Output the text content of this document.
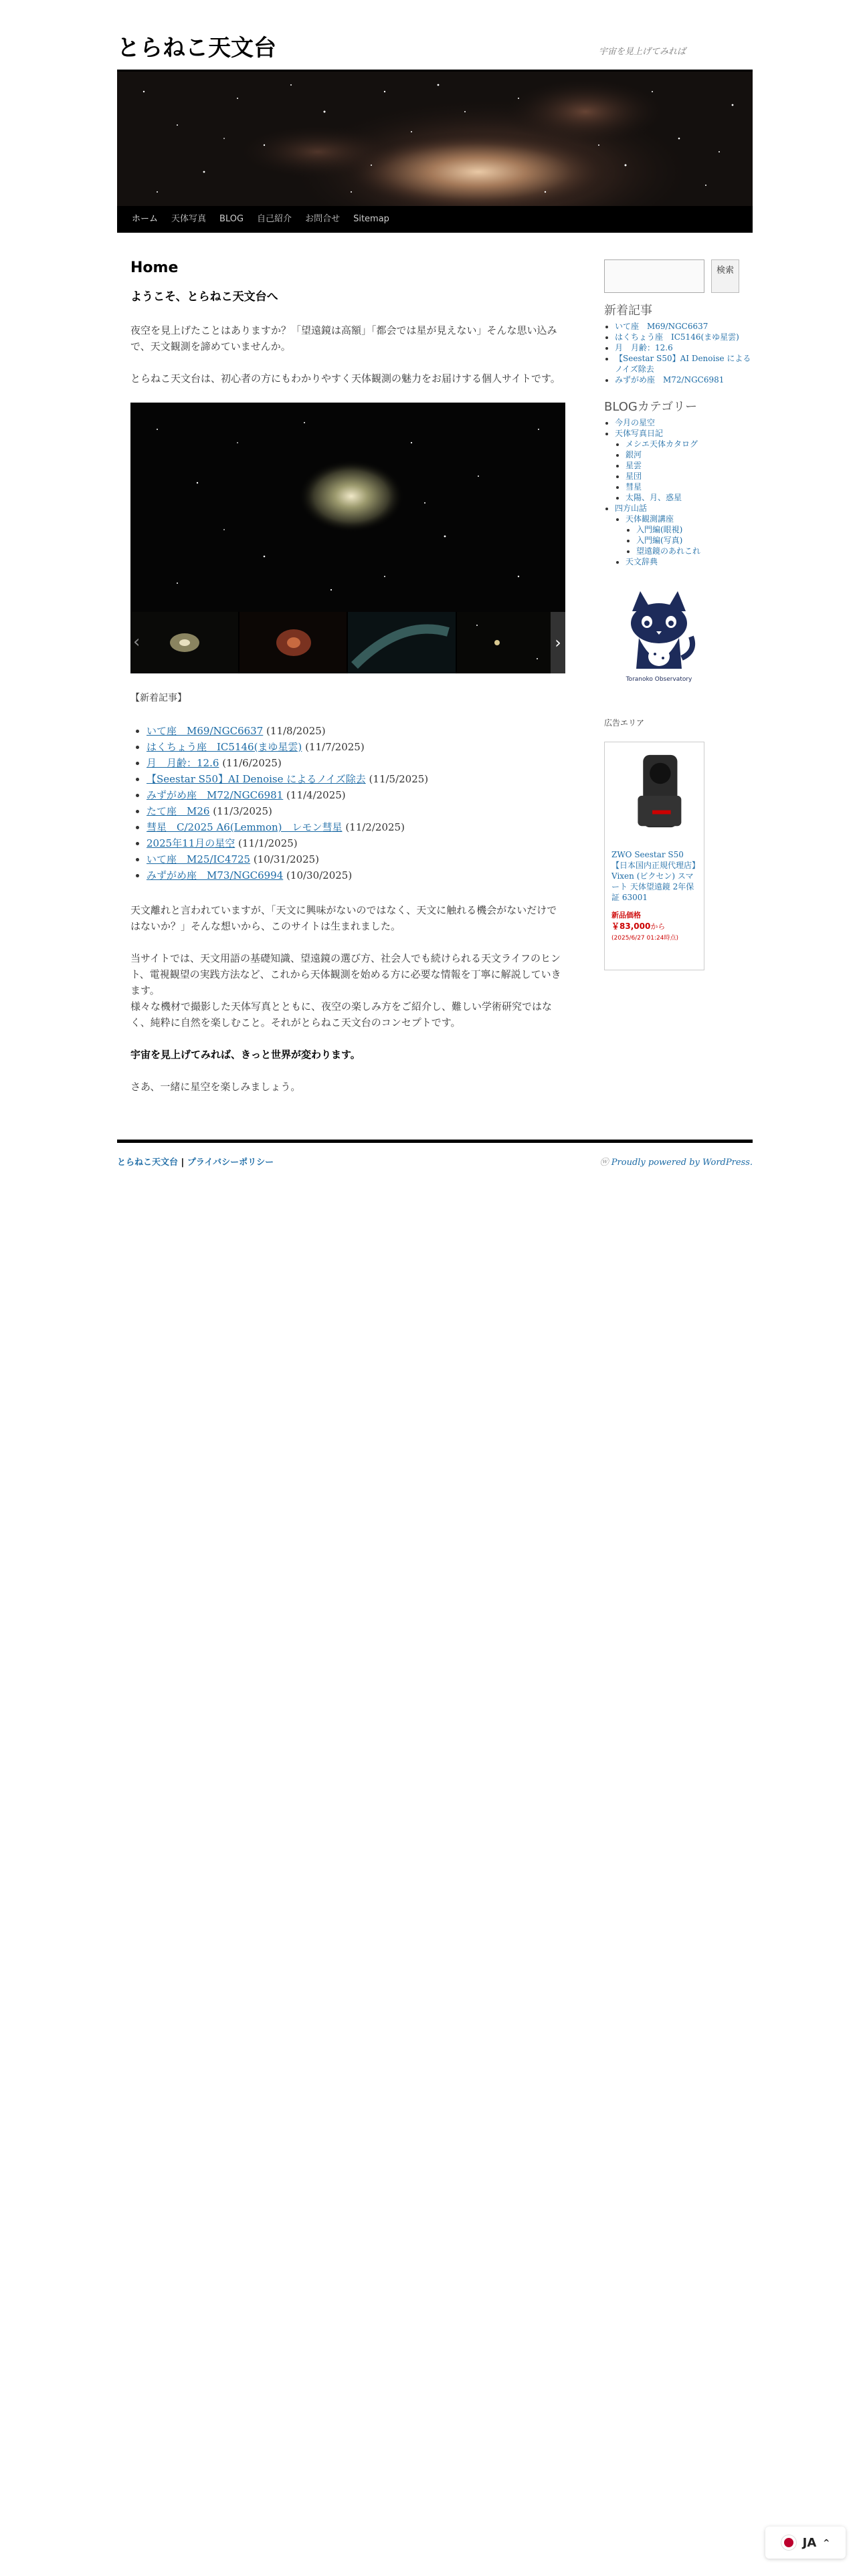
とらねこ天文台	宇宙を見上げてみれば
ホーム	天体写真	BLOG	自己紹介	お問合せ	Sitemap
Home
ようこそ、とらねこ天文台へ

夜空を見上げたことはありますか？「望遠鏡は高額」「都会では星が見えない」そんな思い込みで、天文観測を諦めていませんか。

とらねこ天文台は、初心者の方にもわかりやすく天体観測の魅力をお届けする個人サイトです。

‹	›
【新着記事】
• いて座　M69/NGC6637 (11/8/2025)
• はくちょう座　IC5146(まゆ星雲) (11/7/2025)
• 月　月齢：12.6 (11/6/2025)
• 【Seestar S50】AI Denoise によるノイズ除去 (11/5/2025)
• みずがめ座　M72/NGC6981 (11/4/2025)
• たて座　M26 (11/3/2025)
• 彗星　C/2025 A6(Lemmon)　レモン彗星 (11/2/2025)
• 2025年11月の星空 (11/1/2025)
• いて座　M25/IC4725 (10/31/2025)
• みずがめ座　M73/NGC6994 (10/30/2025)

天文離れと言われていますが、「天文に興味がないのではなく、天文に触れる機会がないだけではないか？」そんな想いから、このサイトは生まれました。

当サイトでは、天文用語の基礎知識、望遠鏡の選び方、社会人でも続けられる天文ライフのヒント、電視観望の実践方法など、これから天体観測を始める方に必要な情報を丁寧に解説していきます。
様々な機材で撮影した天体写真とともに、夜空の楽しみ方をご紹介し、難しい学術研究ではなく、純粋に自然を楽しむこと。それがとらねこ天文台のコンセプトです。

宇宙を見上げてみれば、きっと世界が変わります。

さあ、一緒に星空を楽しみましょう。

検索
新着記事
• いて座　M69/NGC6637
• はくちょう座　IC5146(まゆ星雲)
• 月　月齢：12.6
• 【Seestar S50】AI Denoise によるノイズ除去
• みずがめ座　M72/NGC6981
BLOGカテゴリー
• 今月の星空
• 天体写真日記
• メシエ天体カタログ
• 銀河
• 星雲
• 星団
• 彗星
• 太陽、月、惑星
• 四方山話
• 天体観測講座
• 入門編(眼視)
• 入門編(写真)
• 望遠鏡のあれこれ
• 天文辞典
Toranoko Observatory
広告エリア
ZWO Seestar S50【日本国内正規代理店】Vixen (ビクセン) スマート 天体望遠鏡 2年保証 63001
新品価格
￥83,000から
(2025/6/27 01:24時点)
とらねこ天文台 | プライバシーポリシー	ⓦ Proudly powered by WordPress.
JA ^
